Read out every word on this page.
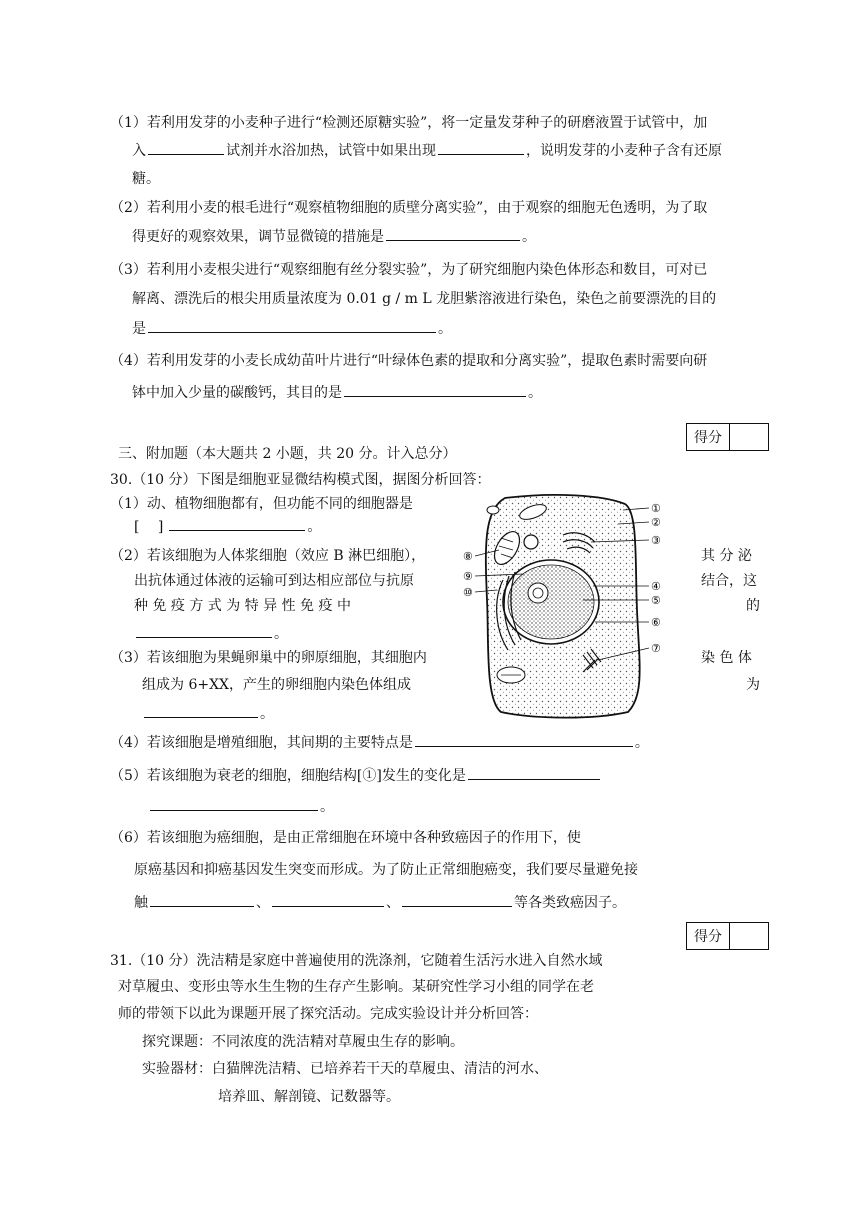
（1）若利用发芽的小麦种子进行“检测还原糖实验”，将一定量发芽种子的研磨液置于试管中，加
入	试剂并水浴加热，试管中如果出现	，说明发芽的小麦种子含有还原
糖。
（2）若利用小麦的根毛进行“观察植物细胞的质壁分离实验”，由于观察的细胞无色透明，为了取
得更好的观察效果，调节显微镜的措施是	。
（3）若利用小麦根尖进行“观察细胞有丝分裂实验”，为了研究细胞内染色体形态和数目，可对已
解离、漂洗后的根尖用质量浓度为 0.01 g / m L 龙胆紫溶液进行染色，染色之前要漂洗的目的
是	。
（4）若利用发芽的小麦长成幼苗叶片进行“叶绿体色素的提取和分离实验”，提取色素时需要向研
钵中加入少量的碳酸钙，其目的是	。
得分
三、附加题（本大题共 2 小题，共 20 分。计入总分）
30.（10 分）下图是细胞亚显微结构模式图，据图分析回答：
（1）动、植物细胞都有，但功能不同的细胞器是
[　 ]	。
（2）若该细胞为人体浆细胞（效应 B 淋巴细胞），	其 分 泌
出抗体通过体液的运输可到达相应部位与抗原	结合，这
种 免 疫 方 式 为 特 异 性 免 疫 中	的
。
（3）若该细胞为果蝇卵巢中的卵原细胞，其细胞内	染 色 体
组成为 6+XX，产生的卵细胞内染色体组成	为
。
①
②
③
④
⑤
⑥
⑦
⑧
⑨
⑩
（4）若该细胞是增殖细胞，其间期的主要特点是	。
（5）若该细胞为衰老的细胞，细胞结构[①]发生的变化是
。
（6）若该细胞为癌细胞，是由正常细胞在环境中各种致癌因子的作用下，使
原癌基因和抑癌基因发生突变而形成。为了防止正常细胞癌变，我们要尽量避免接
触	、	、	等各类致癌因子。
得分
31.（10 分）洗洁精是家庭中普遍使用的洗涤剂，它随着生活污水进入自然水域
对草履虫、变形虫等水生生物的生存产生影响。某研究性学习小组的同学在老
师的带领下以此为课题开展了探究活动。完成实验设计并分析回答：
探究课题：不同浓度的洗洁精对草履虫生存的影响。
实验器材：白猫牌洗洁精、已培养若干天的草履虫、清洁的河水、
培养皿、解剖镜、记数器等。
